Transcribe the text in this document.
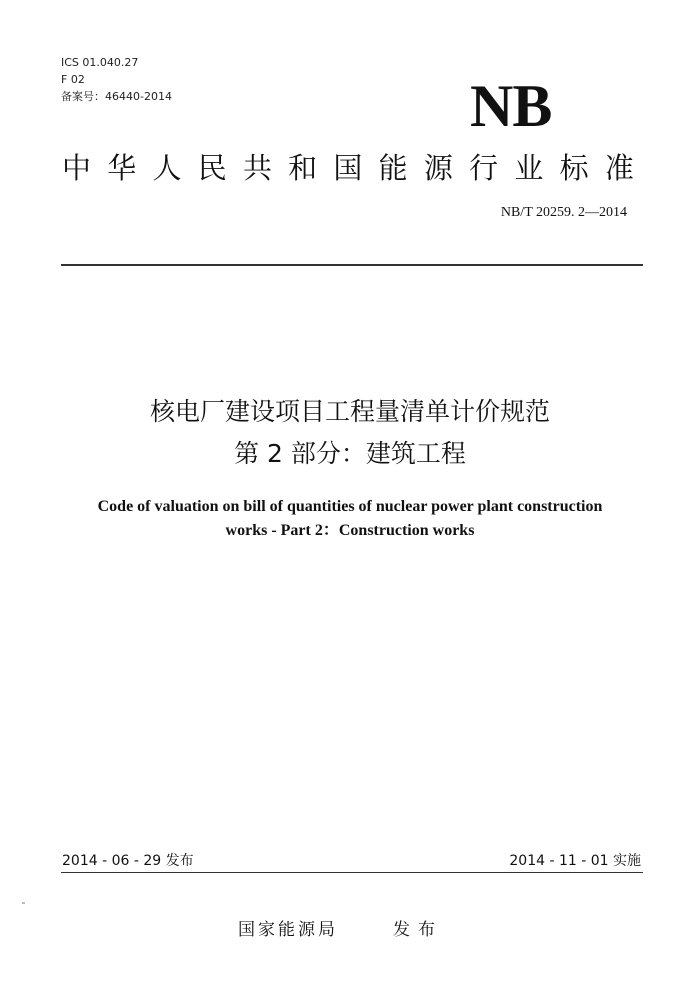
ICS 01.040.27
F 02
备案号：46440-2014	NB
中 华 人 民 共 和 国 能 源 行 业 标 准
NB/T 20259. 2—2014
核电厂建设项目工程量清单计价规范
第 2 部分：建筑工程
Code of valuation on bill of quantities of nuclear power plant construction
works - Part 2：Construction works
2014 - 06 - 29 发布	2014 - 11 - 01 实施
国家能源局	发布
